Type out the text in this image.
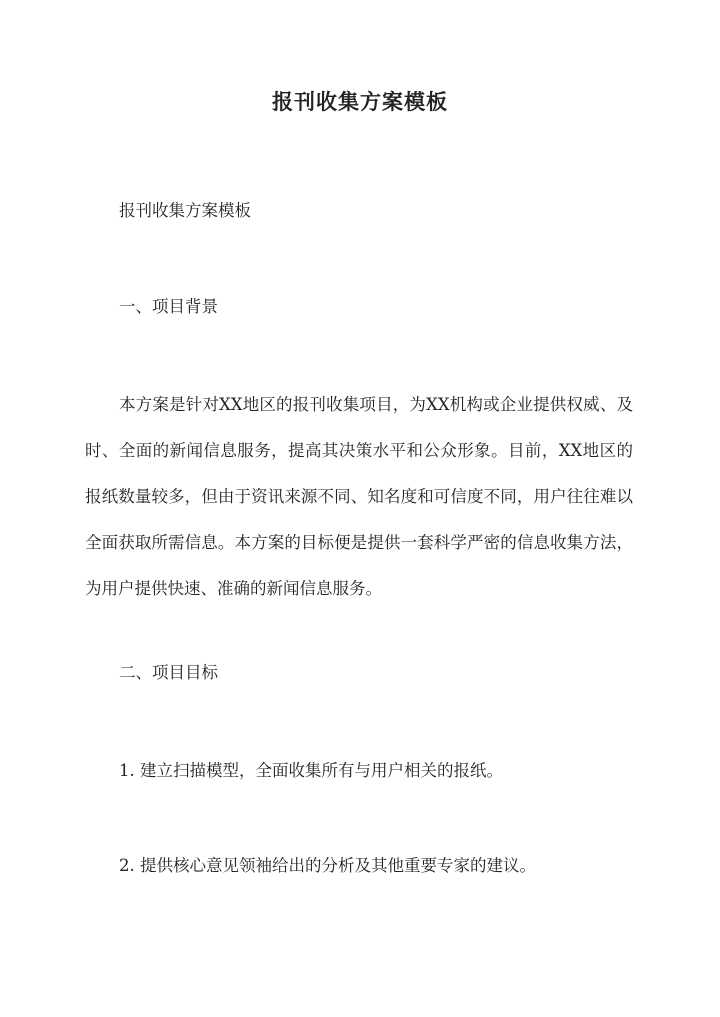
报刊收集方案模板

报刊收集方案模板

一、项目背景

本方案是针对XX地区的报刊收集项目，为XX机构或企业提供权威、及时、全面的新闻信息服务，提高其决策水平和公众形象。目前，XX地区的报纸数量较多，但由于资讯来源不同、知名度和可信度不同，用户往往难以全面获取所需信息。本方案的目标便是提供一套科学严密的信息收集方法，为用户提供快速、准确的新闻信息服务。

二、项目目标

1. 建立扫描模型，全面收集所有与用户相关的报纸。

2. 提供核心意见领袖给出的分析及其他重要专家的建议。
